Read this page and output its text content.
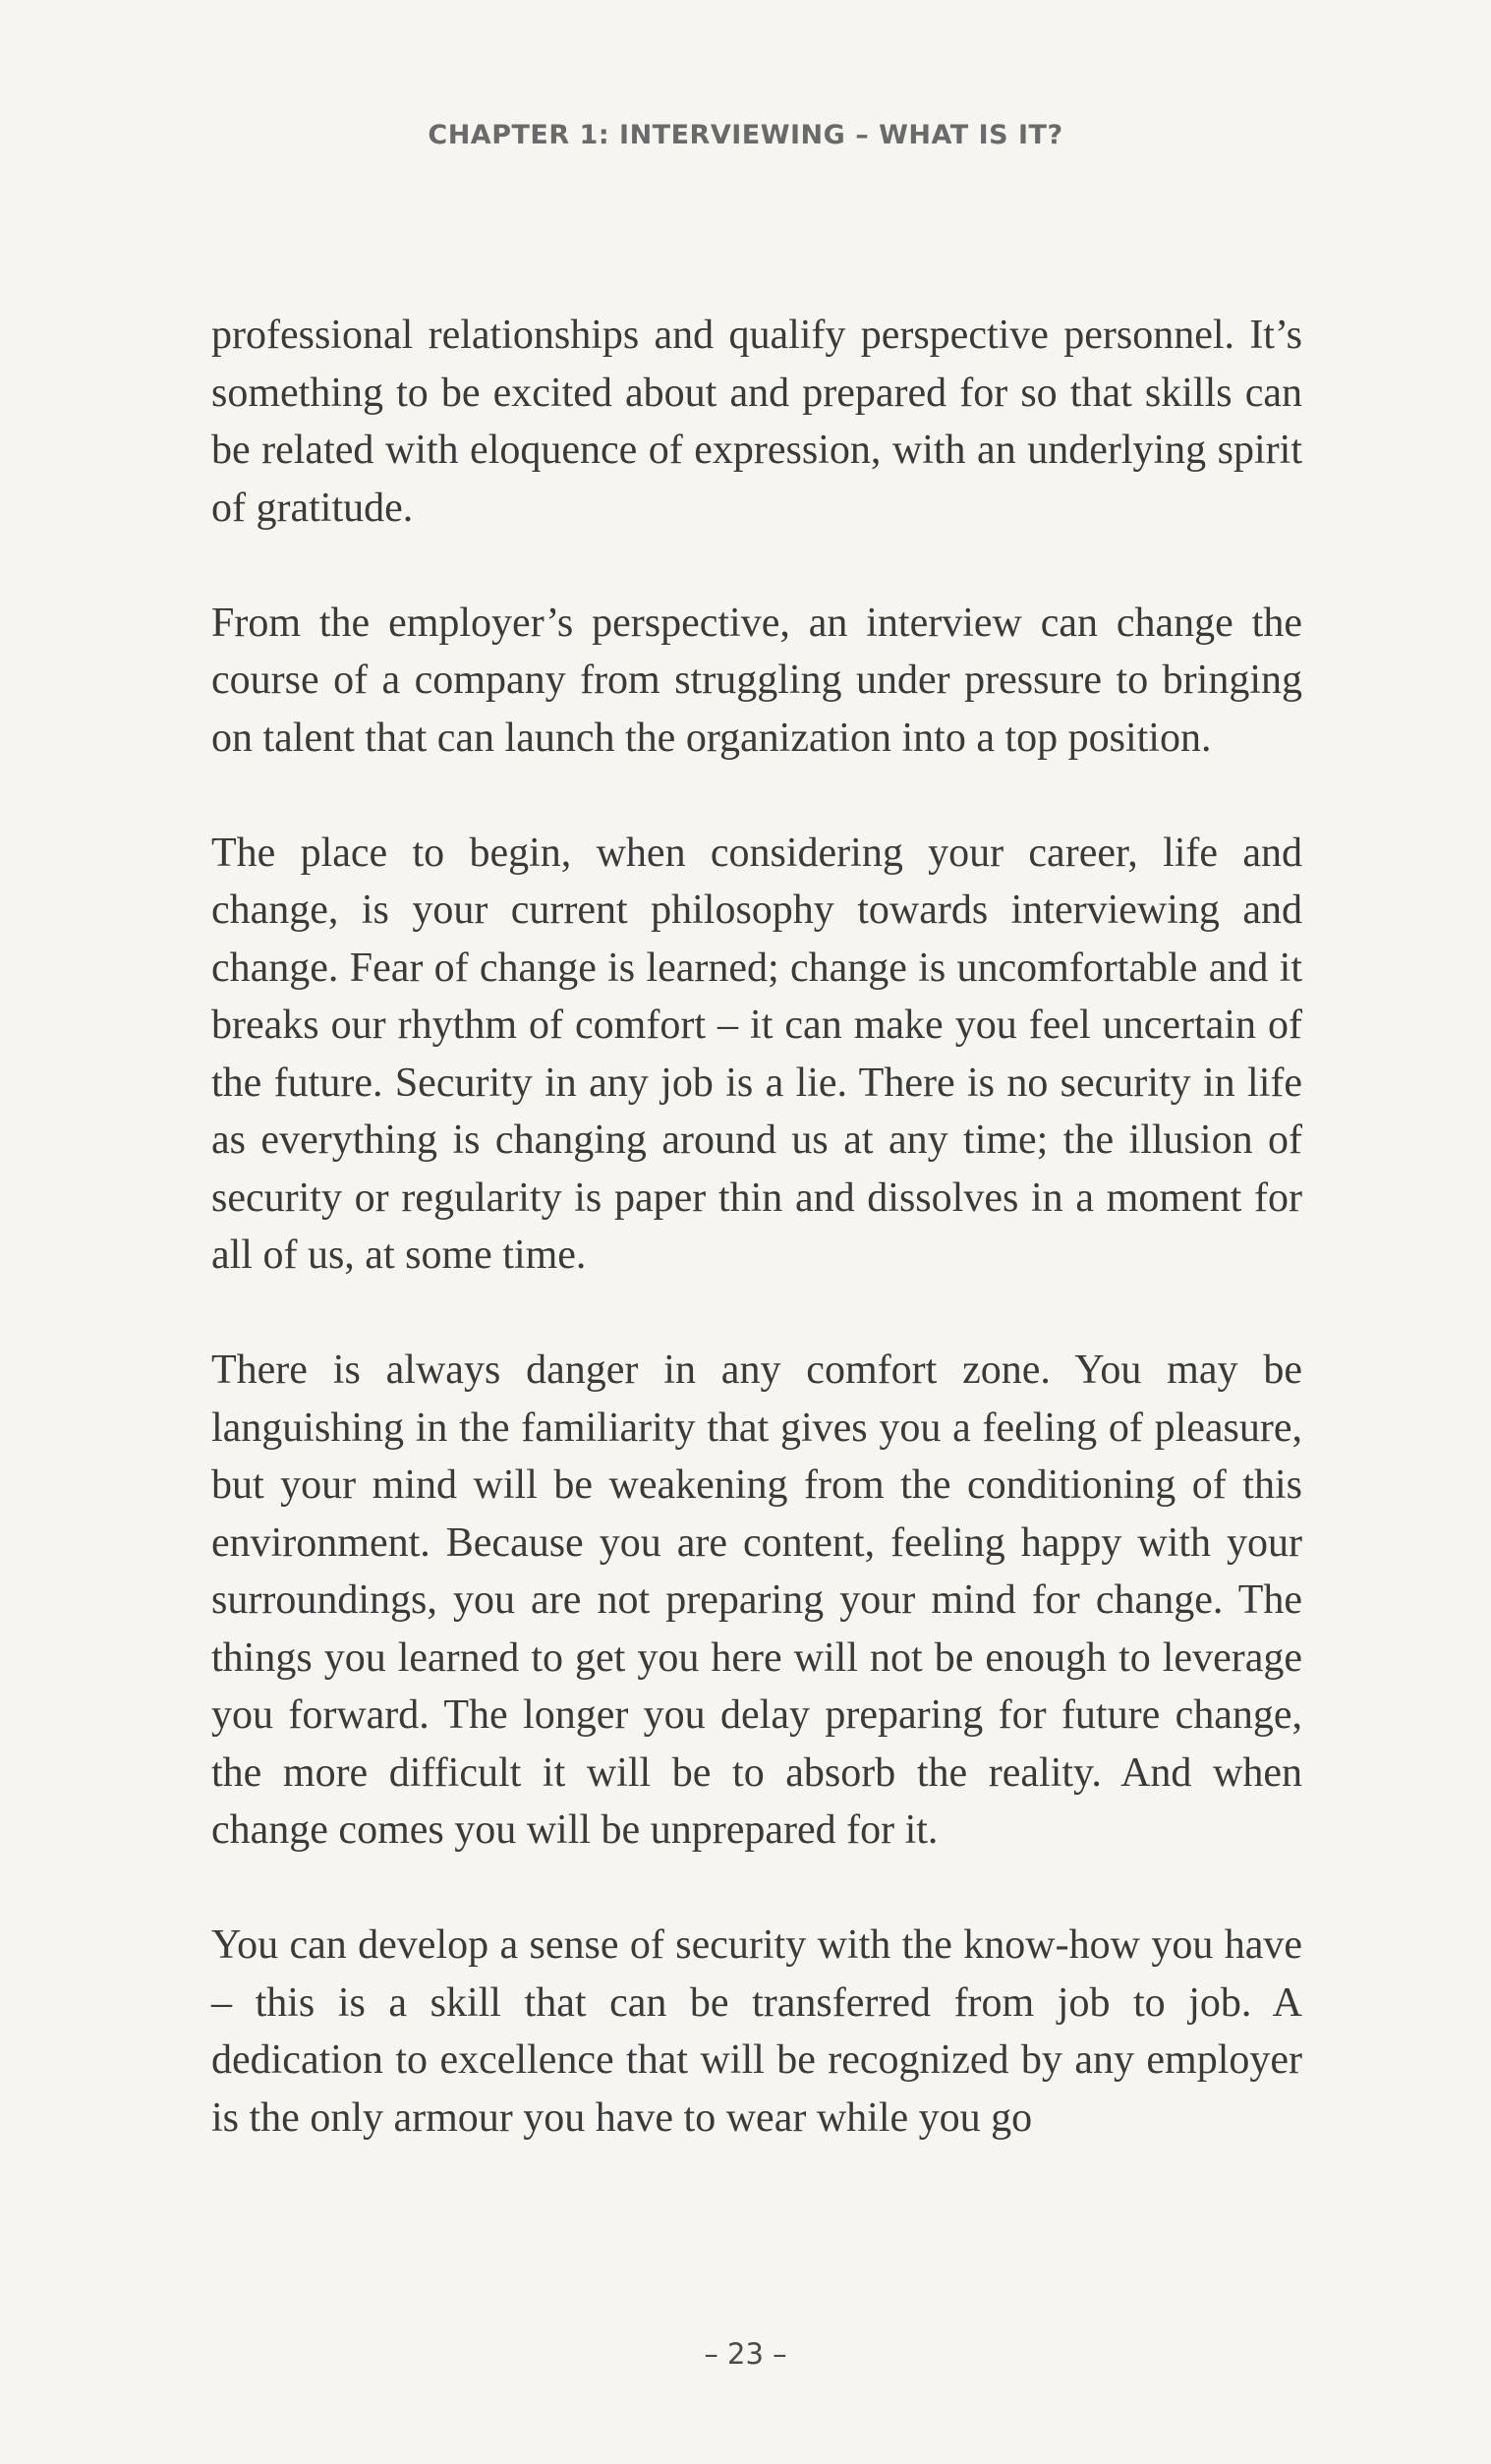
CHAPTER 1: INTERVIEWING – WHAT IS IT?

professional relationships and qualify perspective personnel. It’s something to be excited about and prepared for so that skills can be related with eloquence of expression, with an underlying spirit of gratitude.

From the employer’s perspective, an interview can change the course of a company from struggling under pressure to bringing on talent that can launch the organization into a top position.

The place to begin, when considering your career, life and change, is your current philosophy towards interviewing and change. Fear of change is learned; change is uncomfortable and it breaks our rhythm of comfort – it can make you feel uncertain of the future. Security in any job is a lie. There is no security in life as everything is changing around us at any time; the illusion of security or regularity is paper thin and dissolves in a moment for all of us, at some time.

There is always danger in any comfort zone. You may be languishing in the familiarity that gives you a feeling of pleasure, but your mind will be weakening from the conditioning of this environment. Because you are content, feeling happy with your surroundings, you are not preparing your mind for change. The things you learned to get you here will not be enough to leverage you forward. The longer you delay preparing for future change, the more difficult it will be to absorb the reality. And when change comes you will be unprepared for it.

You can develop a sense of security with the know-how you have – this is a skill that can be transferred from job to job. A dedication to excellence that will be recognized by any employer is the only armour you have to wear while you go

– 23 –
